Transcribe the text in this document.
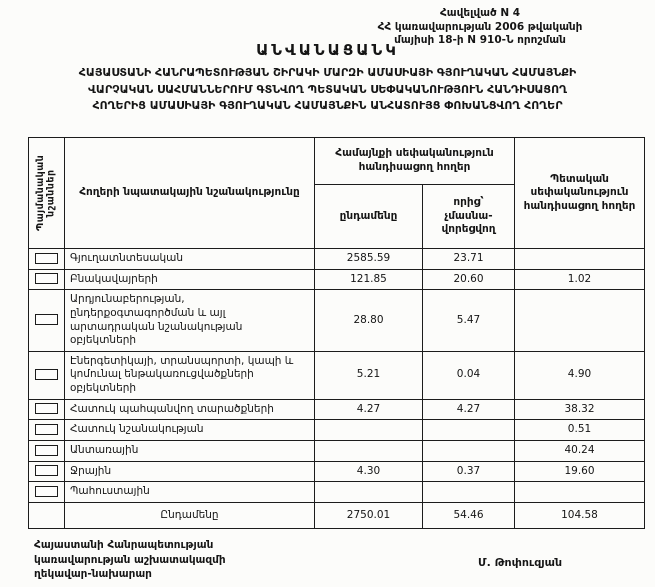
Հավելված N 4
ՀՀ կառավարության 2006 թվականի
մայիսի 18-ի N 910-Ն որոշման
ԱՆՎԱՆԱՑԱՆԿ
ՀԱՅԱՍՏԱՆԻ ՀԱՆՐԱՊԵՏՈՒԹՅԱՆ ՇԻՐԱԿԻ ՄԱՐԶԻ ԱՄԱՍԻԱՅԻ ԳՅՈՒՂԱԿԱՆ ՀԱՄԱՅՆՔԻ
ՎԱՐՉԱԿԱՆ ՍԱՀՄԱՆՆԵՐՈՒՄ ԳՏՆՎՈՂ ՊԵՏԱԿԱՆ ՍԵՓԱԿԱՆՈՒԹՅՈՒՆ ՀԱՆԴԻՍԱՑՈՂ
ՀՈՂԵՐԻՑ ԱՄԱՍԻԱՅԻ ԳՅՈՒՂԱԿԱՆ ՀԱՄԱՅՆՔԻՆ ԱՆՀԱՏՈՒՅՑ ՓՈԽԱՆՑՎՈՂ ՀՈՂԵՐ
Պայմանական նշաններ	Հողերի նպատակային նշանակությունը	Համայնքի սեփականություն հանդիսացող հողեր		Պետական սեփականություն հանդիսացող հողեր
		ընդամենը	որից՝ չմասնա-վորեցվող	
	Գյուղատնտեսական	2585.59	23.71	
	Բնակավայրերի	121.85	20.60	1.02
	Արդյունաբերության, ընդերքօգտագործման և այլ արտադրական նշանակության օբյեկտների	28.80	5.47	
	Էներգետիկայի, տրանսպորտի, կապի և կոմունալ ենթակառուցվածքների օբյեկտների	5.21	0.04	4.90
	Հատուկ պահպանվող տարածքների	4.27	4.27	38.32
	Հատուկ նշանակության			0.51
	Անտառային			40.24
	Ջրային	4.30	0.37	19.60
	Պահուստային			
	Ընդամենը	2750.01	54.46	104.58
Հայաստանի Հանրապետության
կառավարության աշխատակազմի
ղեկավար-նախարար
Մ. Թոփուզյան
